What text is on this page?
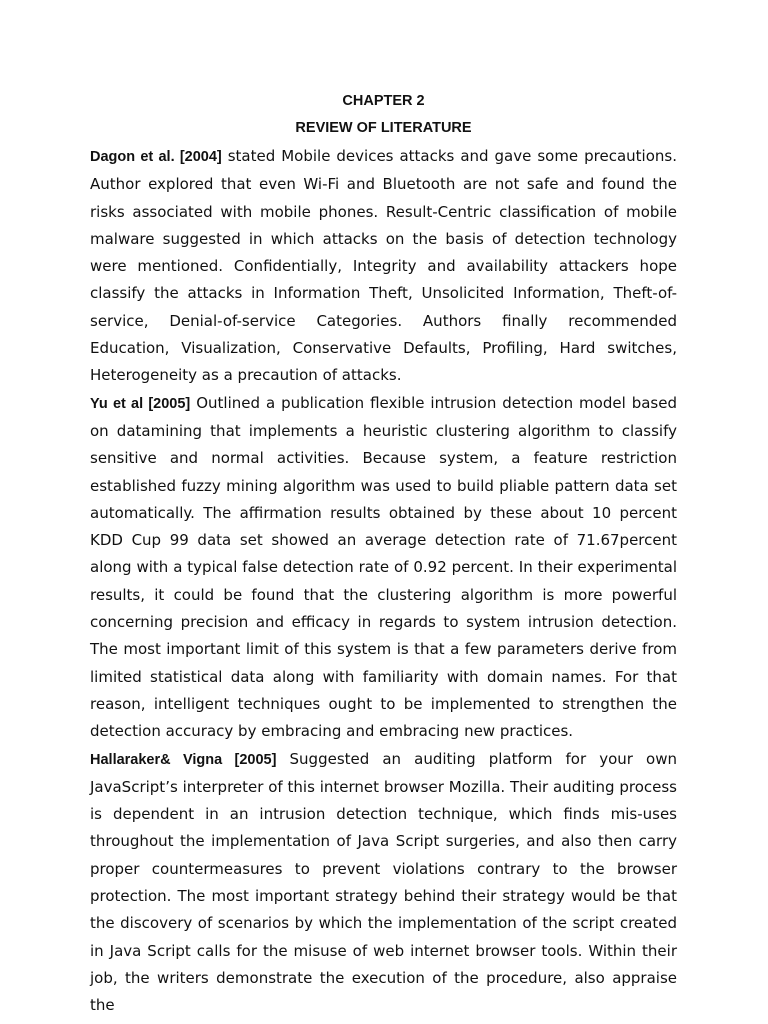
CHAPTER 2

REVIEW OF LITERATURE

Dagon et al. [2004] stated Mobile devices attacks and gave some precautions. Author explored that even Wi-Fi and Bluetooth are not safe and found the risks associated with mobile phones. Result-Centric classification of mobile malware suggested in which attacks on the basis of detection technology were mentioned. Confidentially, Integrity and availability attackers hope classify the attacks in Information Theft, Unsolicited Information, Theft-of-service, Denial-of-service Categories. Authors finally recommended Education, Visualization, Conservative Defaults, Profiling, Hard switches, Heterogeneity as a precaution of attacks.

Yu et al [2005] Outlined a publication flexible intrusion detection model based on datamining that implements a heuristic clustering algorithm to classify sensitive and normal activities. Because system, a feature restriction established fuzzy mining algorithm was used to build pliable pattern data set automatically. The affirmation results obtained by these about 10 percent KDD Cup 99 data set showed an average detection rate of 71.67percent along with a typical false detection rate of 0.92 percent. In their experimental results, it could be found that the clustering algorithm is more powerful concerning precision and efficacy in regards to system intrusion detection. The most important limit of this system is that a few parameters derive from limited statistical data along with familiarity with domain names. For that reason, intelligent techniques ought to be implemented to strengthen the detection accuracy by embracing and embracing new practices.

Hallaraker& Vigna [2005] Suggested an auditing platform for your own JavaScript’s interpreter of this internet browser Mozilla. Their auditing process is dependent in an intrusion detection technique, which finds mis-uses throughout the implementation of Java Script surgeries, and also then carry proper countermeasures to prevent violations contrary to the browser protection. The most important strategy behind their strategy would be that the discovery of scenarios by which the implementation of the script created in Java Script calls for the misuse of web internet browser tools. Within their job, the writers demonstrate the execution of the procedure, also appraise the
